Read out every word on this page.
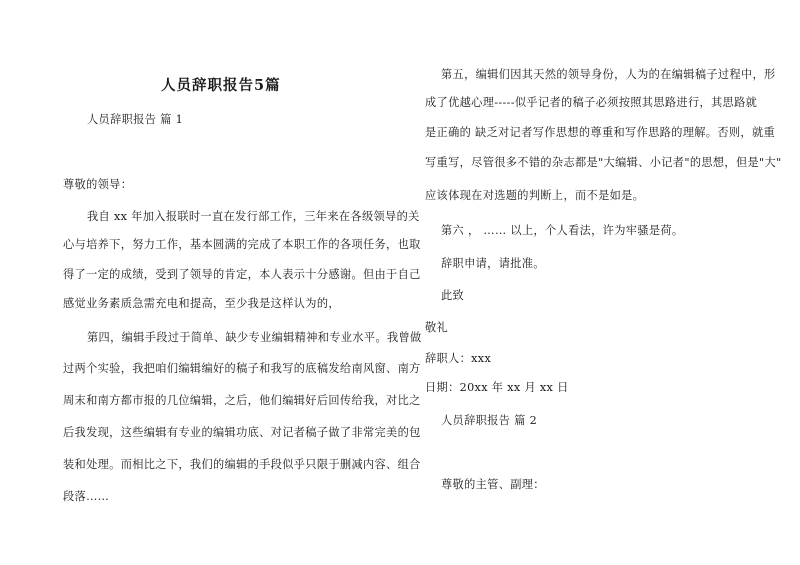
人员辞职报告5篇
人员辞职报告 篇 1
尊敬的领导：
我自 xx 年加入报联时一直在发行部工作，三年来在各级领导的关
心与培养下，努力工作，基本圆满的完成了本职工作的各项任务，也取
得了一定的成绩，受到了领导的肯定，本人表示十分感谢。但由于自己
感觉业务素质急需充电和提高，至少我是这样认为的，
第四，编辑手段过于简单、缺少专业编辑精神和专业水平。我曾做
过两个实验，我把咱们编辑编好的稿子和我写的底稿发给南风窗、南方
周末和南方都市报的几位编辑，之后，他们编辑好后回传给我，对比之
后我发现，这些编辑有专业的编辑功底、对记者稿子做了非常完美的包
装和处理。而相比之下，我们的编辑的手段似乎只限于删减内容、组合
段落……
第五，编辑们因其天然的领导身份，人为的在编辑稿子过程中，形
成了优越心理-----似乎记者的稿子必须按照其思路进行，其思路就
是正确的 缺乏对记者写作思想的尊重和写作思路的理解。否则，就重
写重写，尽管很多不错的杂志都是"大编辑、小记者"的思想，但是"大"
应该体现在对选题的判断上，而不是如是。
第六 ， …… 以上，个人看法，许为牢骚是荷。
辞职申请，请批准。
此致
敬礼
辞职人：xxx
日期：20xx 年 xx 月 xx 日
人员辞职报告 篇 2
尊敬的主管、副理：
